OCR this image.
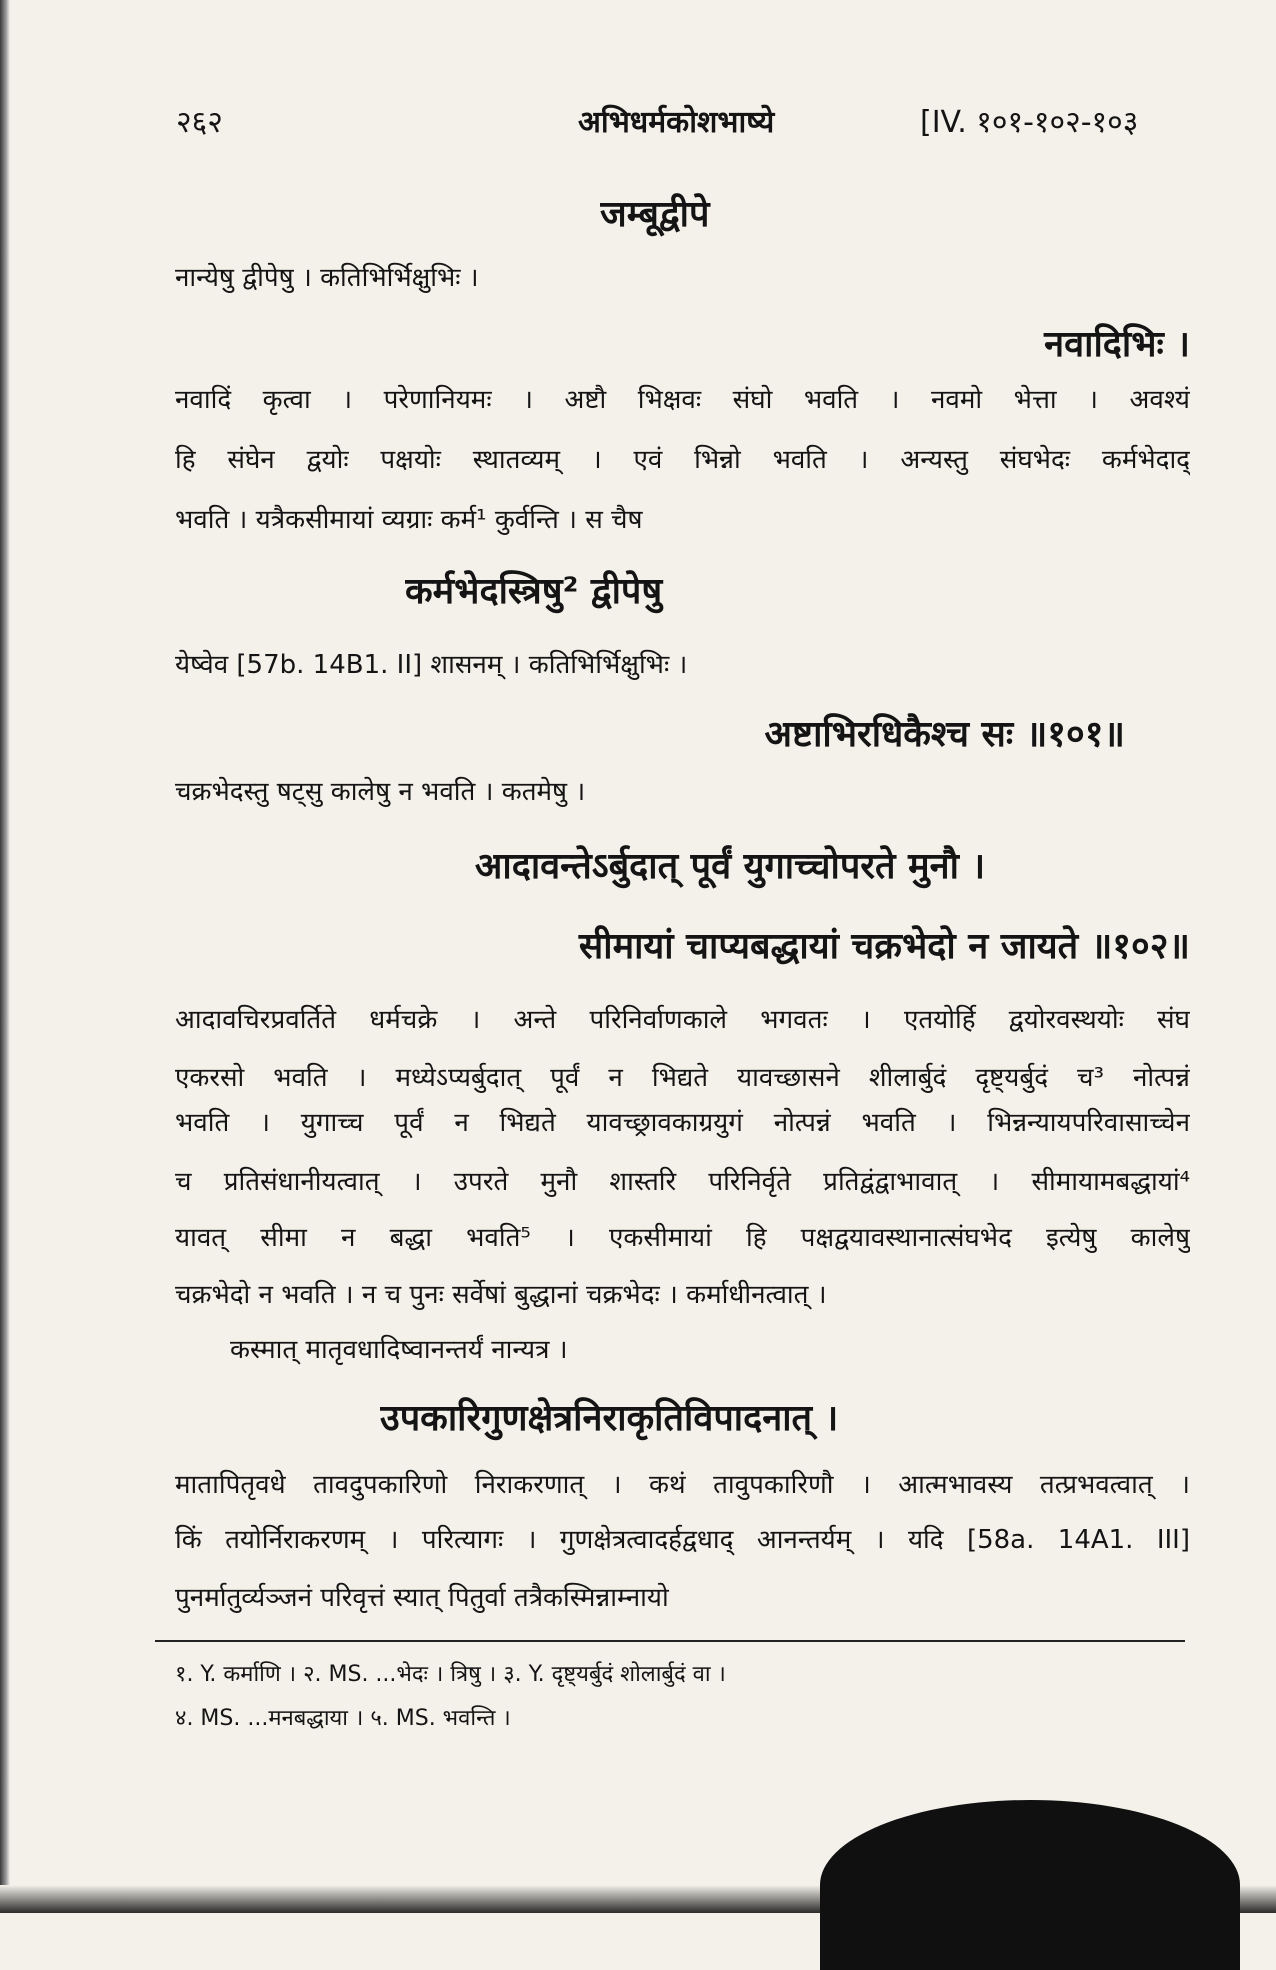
२६२	अभिधर्मकोशभाष्ये	[IV. १०१-१०२-१०३
जम्बूद्वीपे
नान्येषु द्वीपेषु । कतिभिर्भिक्षुभिः ।
नवादिभिः ।
नवादिं कृत्वा । परेणानियमः । अष्टौ भिक्षवः संघो भवति । नवमो भेत्ता । अवश्यं
हि संघेन द्वयोः पक्षयोः स्थातव्यम् । एवं भिन्नो भवति । अन्यस्तु संघभेदः कर्मभेदाद्
भवति । यत्रैकसीमायां व्यग्राः कर्म¹ कुर्वन्ति । स चैष
कर्मभेदस्त्रिषु² द्वीपेषु
येष्वेव [57b. 14B1. II] शासनम् । कतिभिर्भिक्षुभिः ।
अष्टाभिरधिकैश्च सः ॥१०१॥
चक्रभेदस्तु षट्सु कालेषु न भवति । कतमेषु ।
आदावन्तेऽर्बुदात् पूर्वं युगाच्चोपरते मुनौ ।
सीमायां चाप्यबद्धायां चक्रभेदो न जायते ॥१०२॥
आदावचिरप्रवर्तिते धर्मचक्रे । अन्ते परिनिर्वाणकाले भगवतः । एतयोर्हि द्वयोरवस्थयोः संघ
एकरसो भवति । मध्येऽप्यर्बुदात् पूर्वं न भिद्यते यावच्छासने शीलार्बुदं दृष्ट्यर्बुदं च³ नोत्पन्नं
भवति । युगाच्च पूर्वं न भिद्यते यावच्छ्रावकाग्रयुगं नोत्पन्नं भवति । भिन्नन्यायपरिवासाच्चेन
च प्रतिसंधानीयत्वात् । उपरते मुनौ शास्तरि परिनिर्वृते प्रतिद्वंद्वाभावात् । सीमायामबद्धायां⁴
यावत् सीमा न बद्धा भवति⁵ । एकसीमायां हि पक्षद्वयावस्थानात्संघभेद इत्येषु कालेषु
चक्रभेदो न भवति । न च पुनः सर्वेषां बुद्धानां चक्रभेदः । कर्माधीनत्वात् ।
कस्मात् मातृवधादिष्वानन्तर्यं नान्यत्र ।
उपकारिगुणक्षेत्रनिराकृतिविपादनात् ।
मातापितृवधे तावदुपकारिणो निराकरणात् । कथं तावुपकारिणौ । आत्मभावस्य तत्प्रभवत्वात् ।
किं तयोर्निराकरणम् । परित्यागः । गुणक्षेत्रत्वादर्हद्वधाद् आनन्तर्यम् । यदि [58a. 14A1. III]
पुनर्मातुर्व्यञ्जनं परिवृत्तं स्यात् पितुर्वा तत्रैकस्मिन्नाम्नायो
१. Y. कर्माणि । २. MS. ...भेदः । त्रिषु । ३. Y. दृष्ट्यर्बुदं शोलार्बुदं वा ।
४. MS. ...मनबद्धाया । ५. MS. भवन्ति ।
